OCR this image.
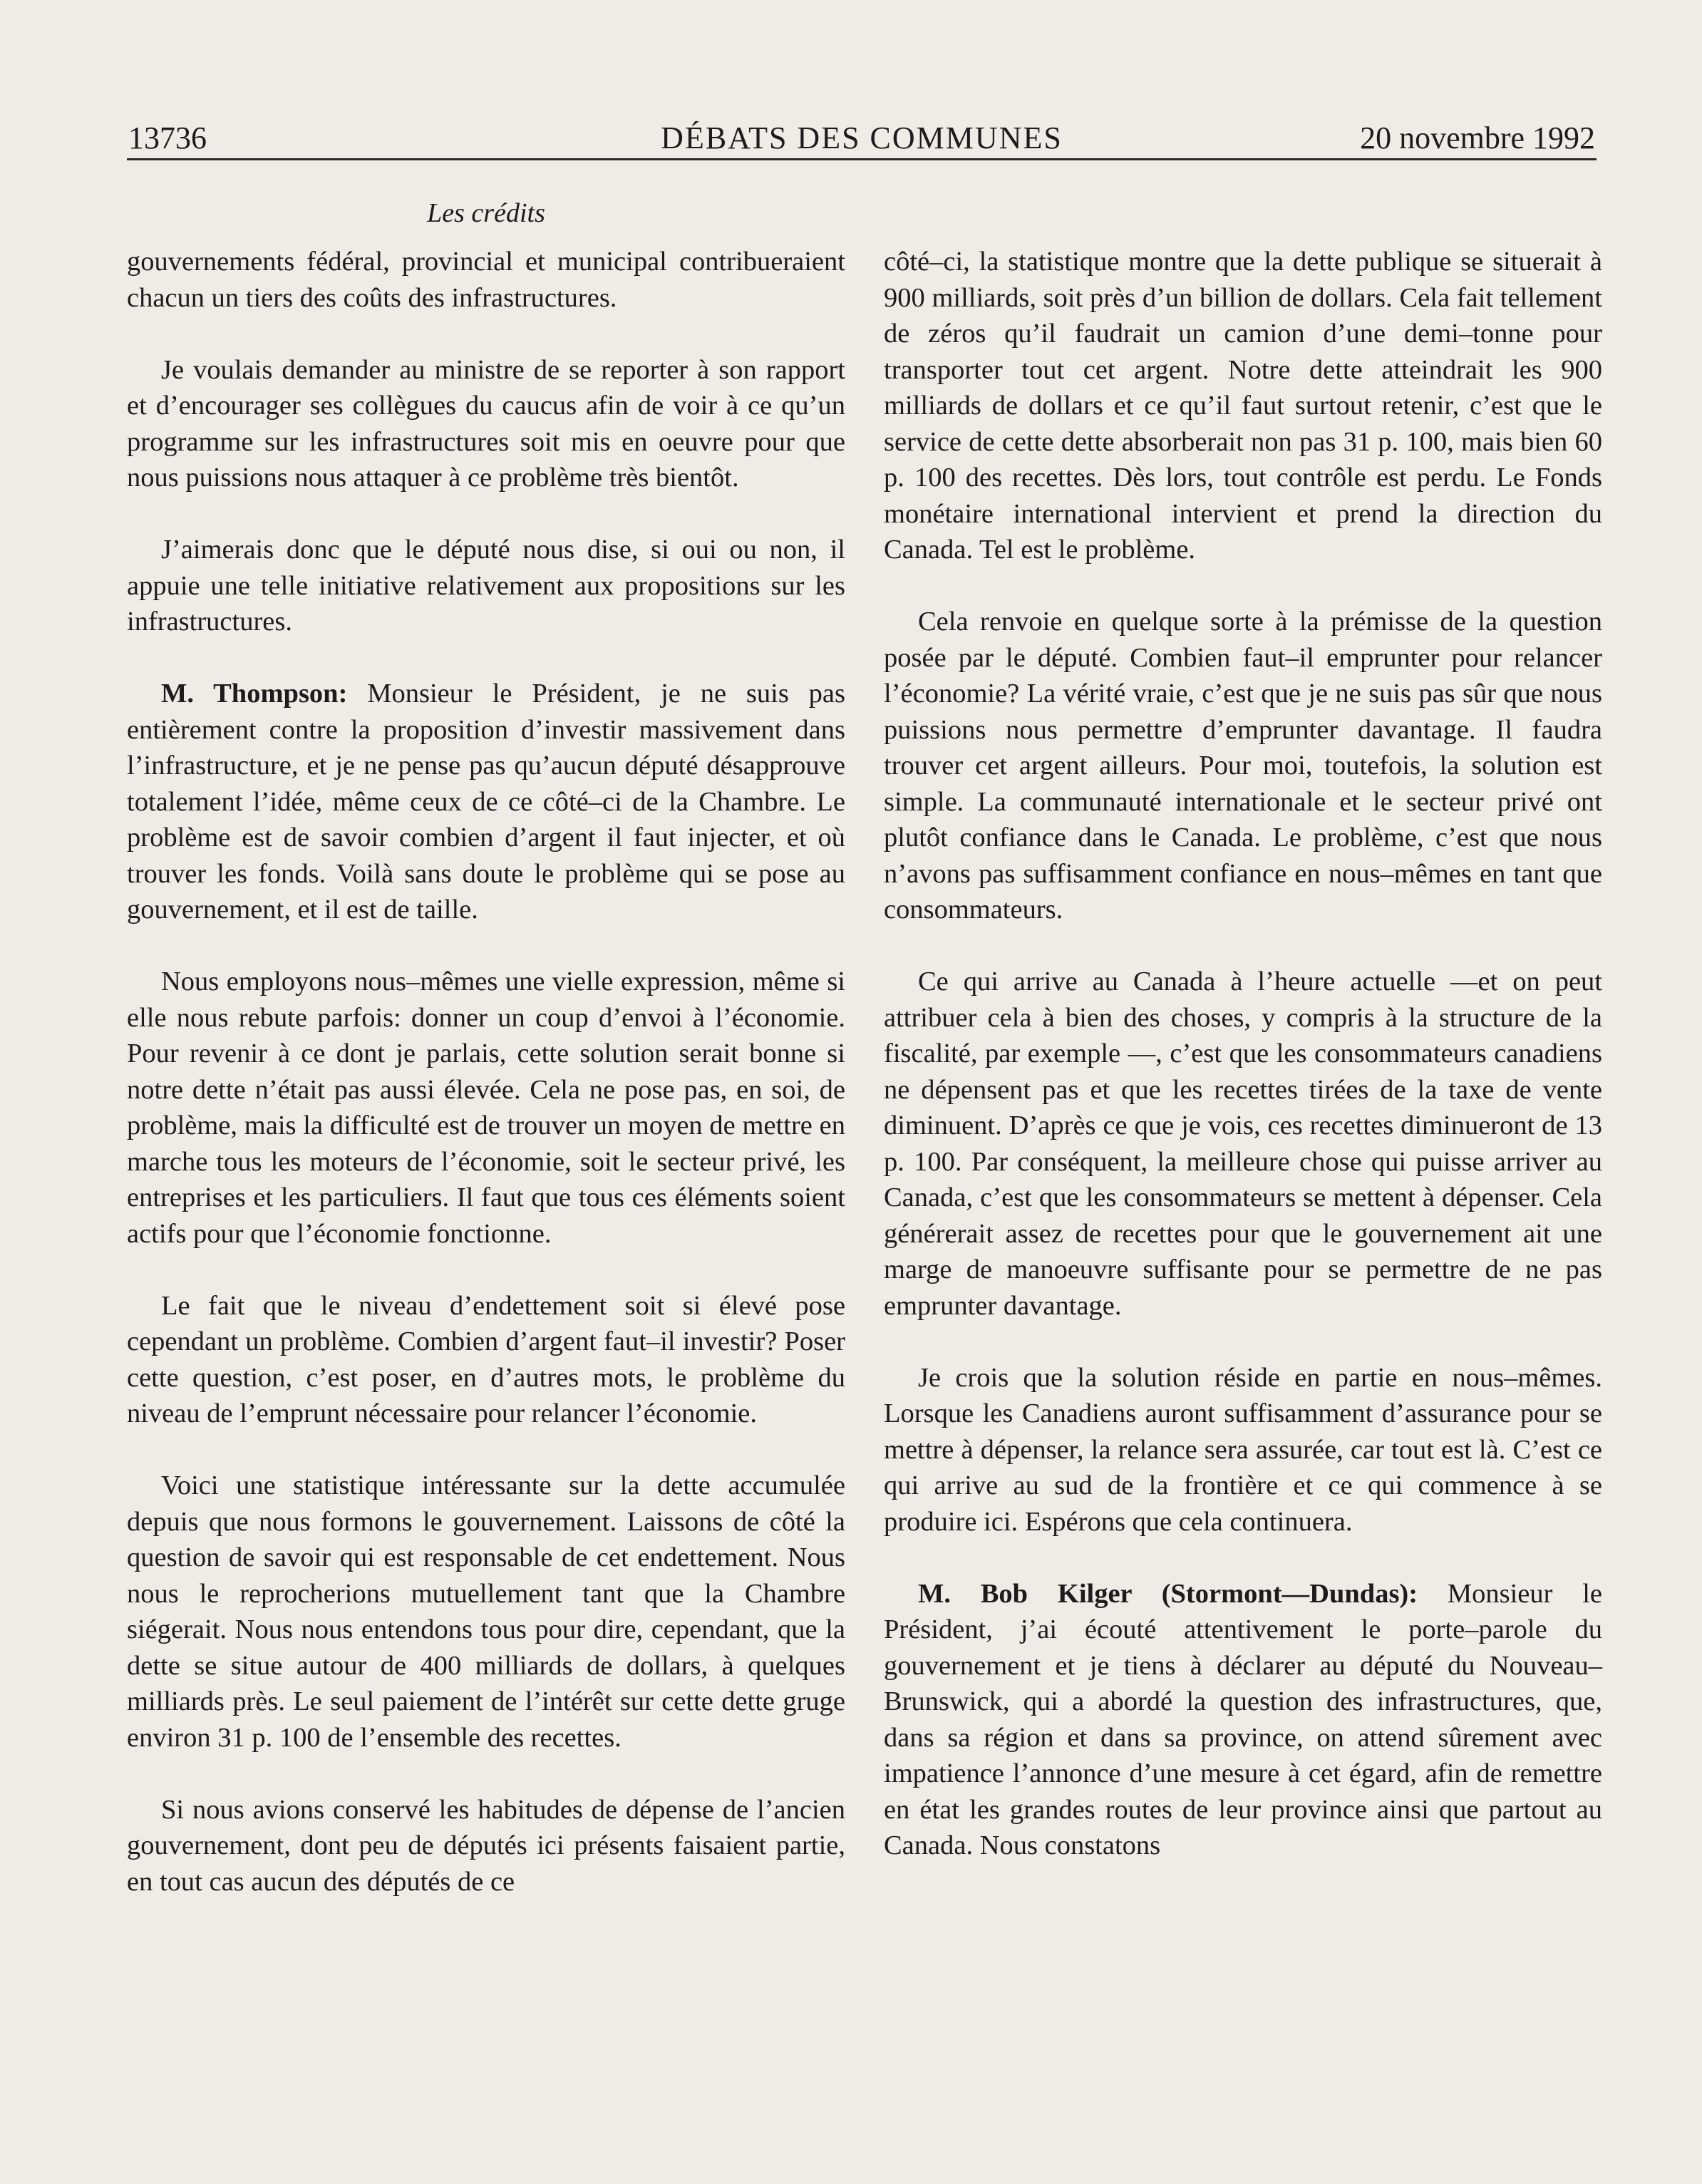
13736	DÉBATS DES COMMUNES	20 novembre 1992
Les crédits

gouvernements fédéral, provincial et municipal contribueraient chacun un tiers des coûts des infrastructures.

Je voulais demander au ministre de se reporter à son rapport et d’encourager ses collègues du caucus afin de voir à ce qu’un programme sur les infrastructures soit mis en oeuvre pour que nous puissions nous attaquer à ce problème très bientôt.

J’aimerais donc que le député nous dise, si oui ou non, il appuie une telle initiative relativement aux propositions sur les infrastructures.

M. Thompson: Monsieur le Président, je ne suis pas entièrement contre la proposition d’investir massivement dans l’infrastructure, et je ne pense pas qu’aucun député désapprouve totalement l’idée, même ceux de ce côté–ci de la Chambre. Le problème est de savoir combien d’argent il faut injecter, et où trouver les fonds. Voilà sans doute le problème qui se pose au gouvernement, et il est de taille.

Nous employons nous–mêmes une vielle expression, même si elle nous rebute parfois: donner un coup d’envoi à l’économie. Pour revenir à ce dont je parlais, cette solution serait bonne si notre dette n’était pas aussi élevée. Cela ne pose pas, en soi, de problème, mais la difficulté est de trouver un moyen de mettre en marche tous les moteurs de l’économie, soit le secteur privé, les entreprises et les particuliers. Il faut que tous ces éléments soient actifs pour que l’économie fonctionne.

Le fait que le niveau d’endettement soit si élevé pose cependant un problème. Combien d’argent faut–il investir? Poser cette question, c’est poser, en d’autres mots, le problème du niveau de l’emprunt nécessaire pour relancer l’économie.

Voici une statistique intéressante sur la dette accumulée depuis que nous formons le gouvernement. Laissons de côté la question de savoir qui est responsable de cet endettement. Nous nous le reprocherions mutuellement tant que la Chambre siégerait. Nous nous entendons tous pour dire, cependant, que la dette se situe autour de 400 milliards de dollars, à quelques milliards près. Le seul paiement de l’intérêt sur cette dette gruge environ 31 p. 100 de l’ensemble des recettes.

Si nous avions conservé les habitudes de dépense de l’ancien gouvernement, dont peu de députés ici présents faisaient partie, en tout cas aucun des députés de ce

côté–ci, la statistique montre que la dette publique se situerait à 900 milliards, soit près d’un billion de dollars. Cela fait tellement de zéros qu’il faudrait un camion d’une demi–tonne pour transporter tout cet argent. Notre dette atteindrait les 900 milliards de dollars et ce qu’il faut surtout retenir, c’est que le service de cette dette absorberait non pas 31 p. 100, mais bien 60 p. 100 des recettes. Dès lors, tout contrôle est perdu. Le Fonds monétaire international intervient et prend la direction du Canada. Tel est le problème.

Cela renvoie en quelque sorte à la prémisse de la question posée par le député. Combien faut–il emprunter pour relancer l’économie? La vérité vraie, c’est que je ne suis pas sûr que nous puissions nous permettre d’emprunter davantage. Il faudra trouver cet argent ailleurs. Pour moi, toutefois, la solution est simple. La communauté internationale et le secteur privé ont plutôt confiance dans le Canada. Le problème, c’est que nous n’avons pas suffisamment confiance en nous–mêmes en tant que consommateurs.

Ce qui arrive au Canada à l’heure actuelle —et on peut attribuer cela à bien des choses, y compris à la structure de la fiscalité, par exemple —, c’est que les consommateurs canadiens ne dépensent pas et que les recettes tirées de la taxe de vente diminuent. D’après ce que je vois, ces recettes diminueront de 13 p. 100. Par conséquent, la meilleure chose qui puisse arriver au Canada, c’est que les consommateurs se mettent à dépenser. Cela générerait assez de recettes pour que le gouvernement ait une marge de manoeuvre suffisante pour se permettre de ne pas emprunter davantage.

Je crois que la solution réside en partie en nous–mêmes. Lorsque les Canadiens auront suffisamment d’assurance pour se mettre à dépenser, la relance sera assurée, car tout est là. C’est ce qui arrive au sud de la frontière et ce qui commence à se produire ici. Espérons que cela continuera.

M. Bob Kilger (Stormont—Dundas): Monsieur le Président, j’ai écouté attentivement le porte–parole du gouvernement et je tiens à déclarer au député du Nouveau–Brunswick, qui a abordé la question des infrastructures, que, dans sa région et dans sa province, on attend sûrement avec impatience l’annonce d’une mesure à cet égard, afin de remettre en état les grandes routes de leur province ainsi que partout au Canada. Nous constatons
